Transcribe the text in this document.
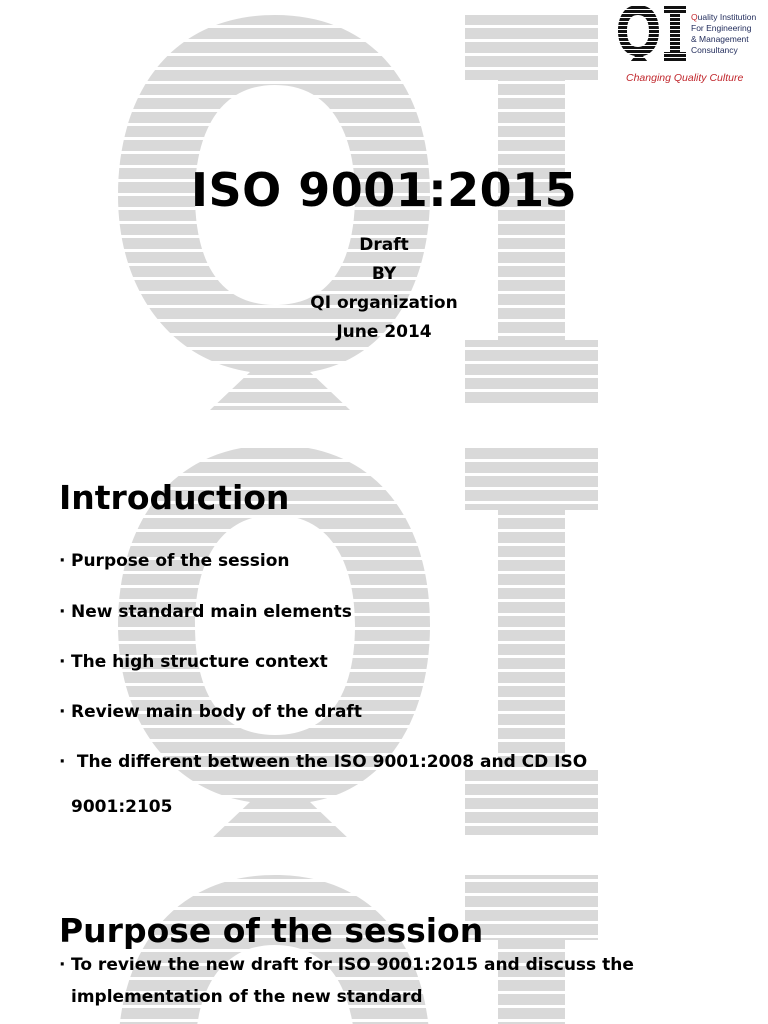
Quality Institution
For Engineering
& Management
Consultancy
Changing Quality Culture
ISO 9001:2015
Draft
BY
QI organization
June 2014
Introduction
· Purpose of the session
· New standard main elements
· The high structure context
· Review main body of the draft
· The different between the ISO 9001:2008 and CD ISO
9001:2105
Purpose of the session
· To review the new draft for ISO 9001:2015 and discuss the
implementation of the new standard
